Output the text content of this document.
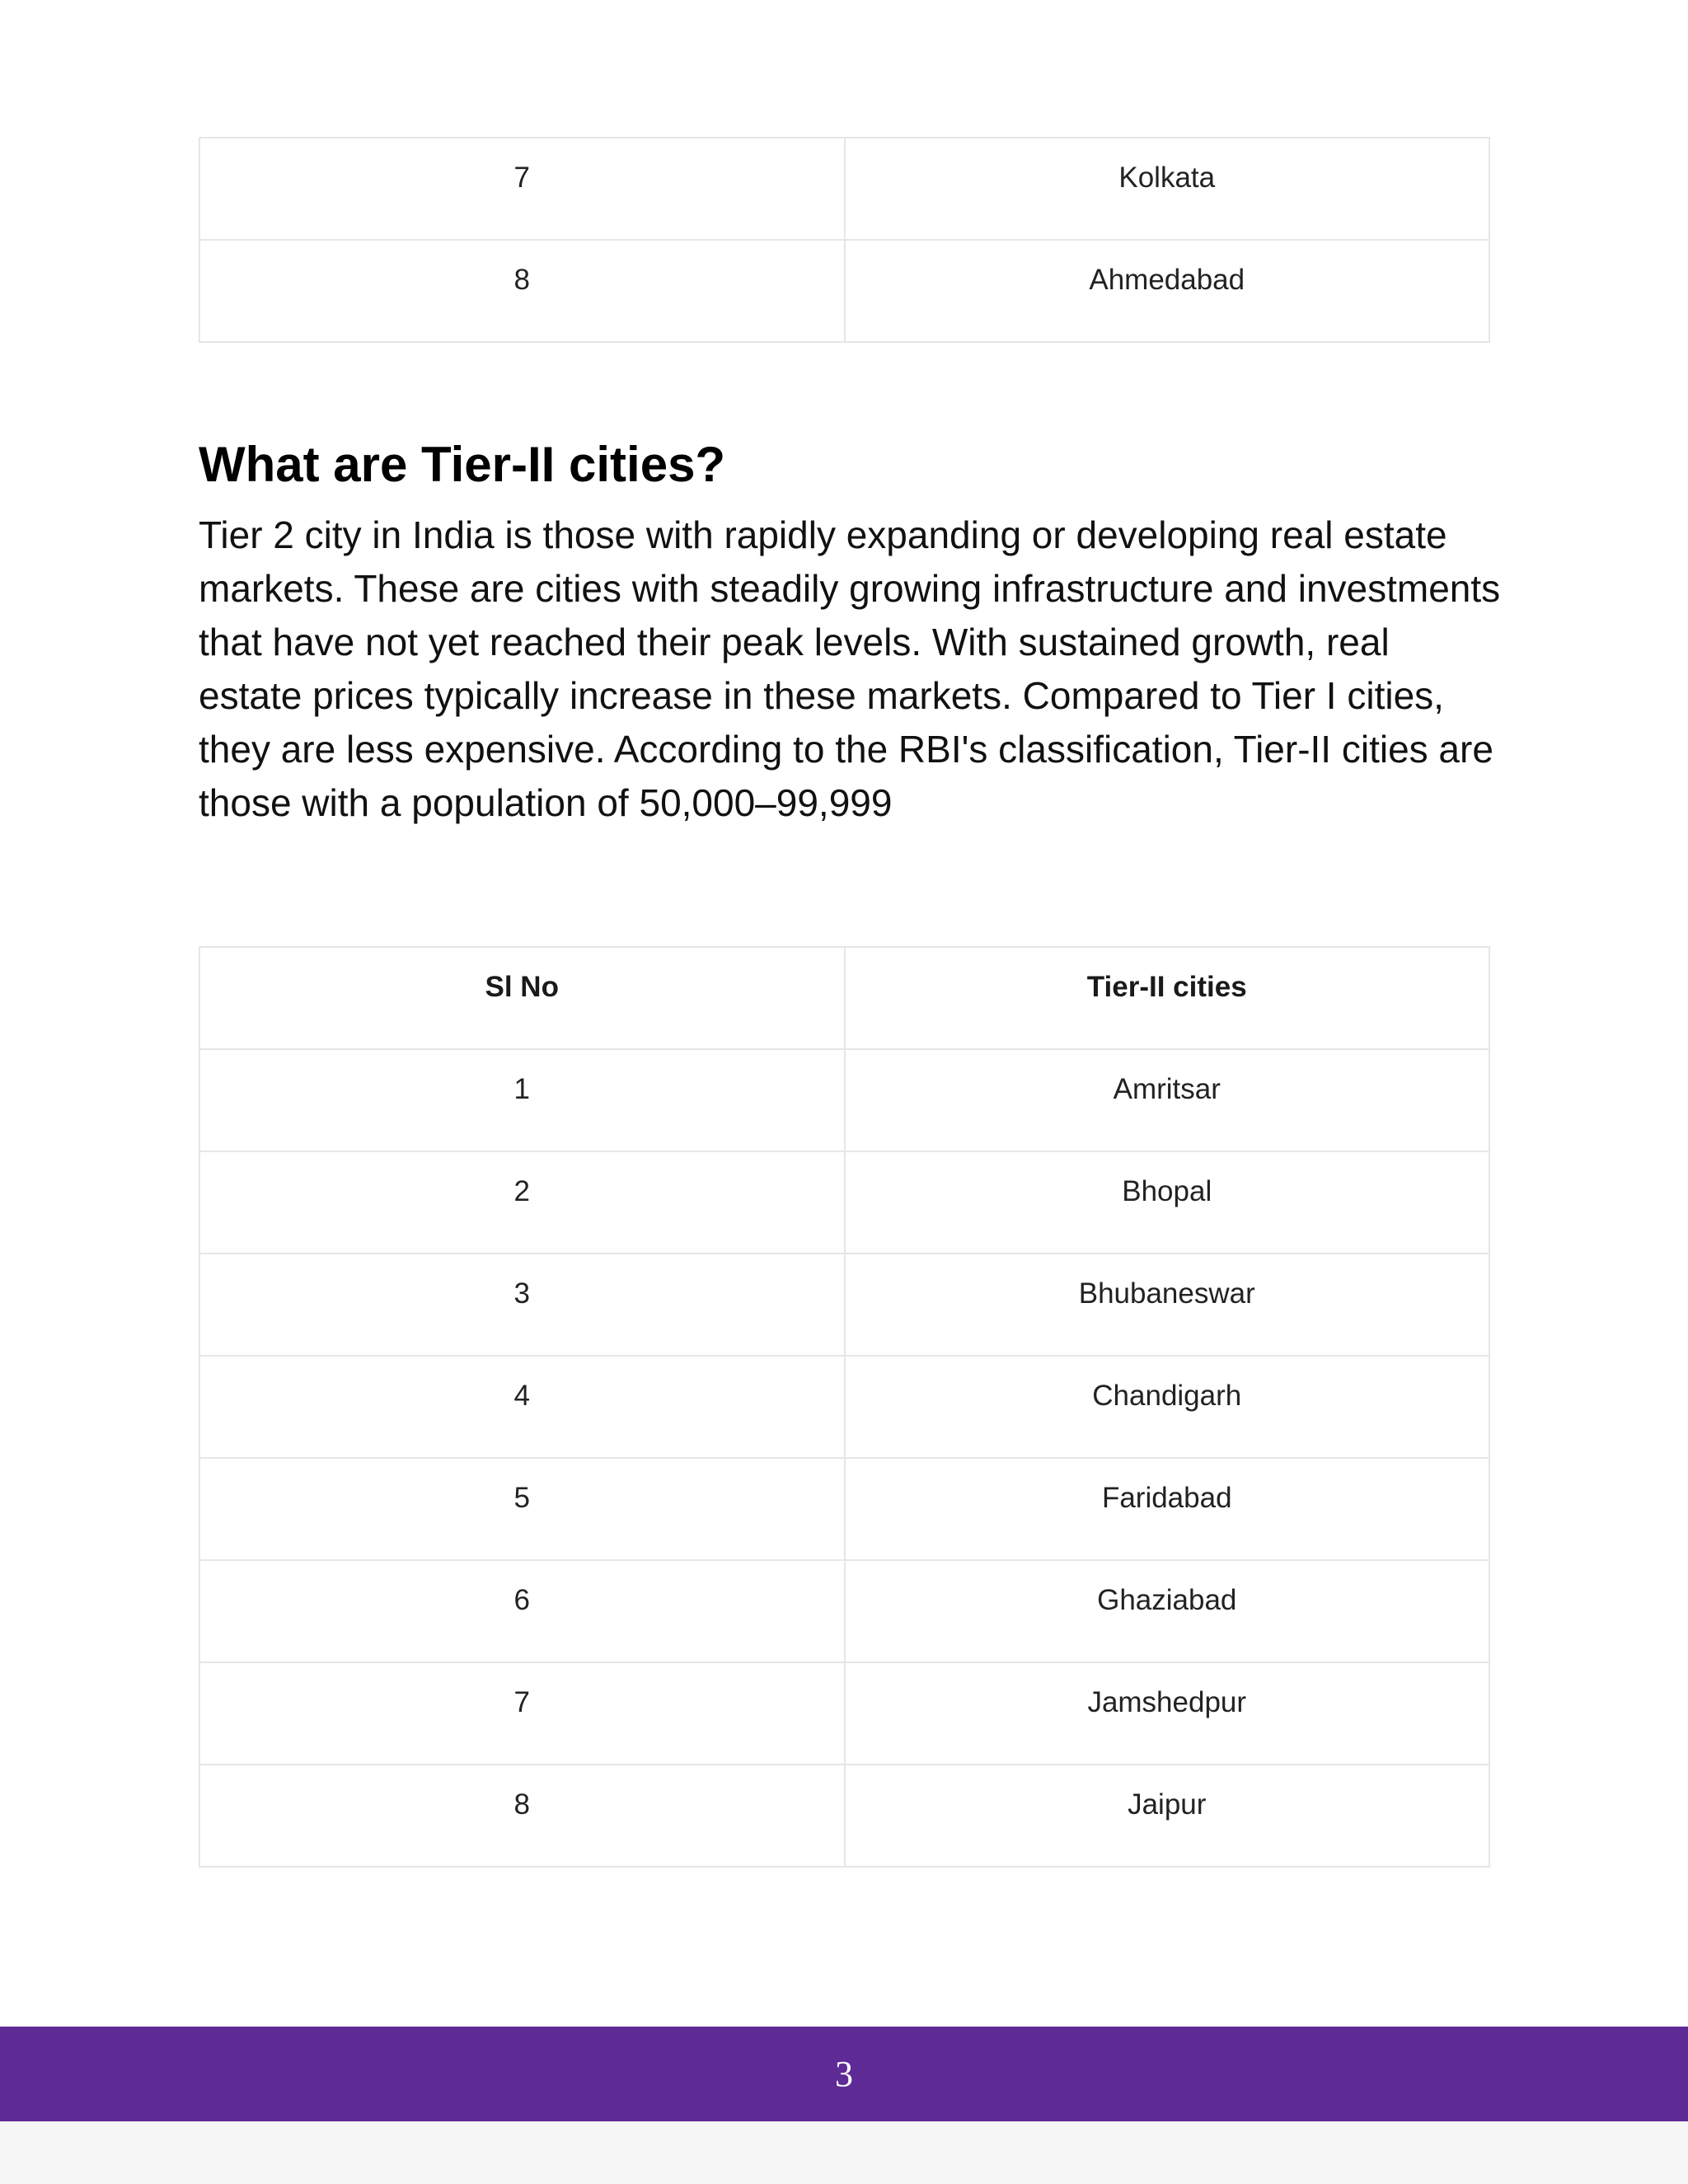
7	Kolkata
8	Ahmedabad
What are Tier-II cities?

Tier 2 city in India is those with rapidly expanding or developing real estate markets. These are cities with steadily growing infrastructure and investments that have not yet reached their peak levels. With sustained growth, real estate prices typically increase in these markets. Compared to Tier I cities, they are less expensive. According to the RBI's classification, Tier-II cities are those with a population of 50,000–99,999

Sl No	Tier-II cities
1	Amritsar
2	Bhopal
3	Bhubaneswar
4	Chandigarh
5	Faridabad
6	Ghaziabad
7	Jamshedpur
8	Jaipur
3
